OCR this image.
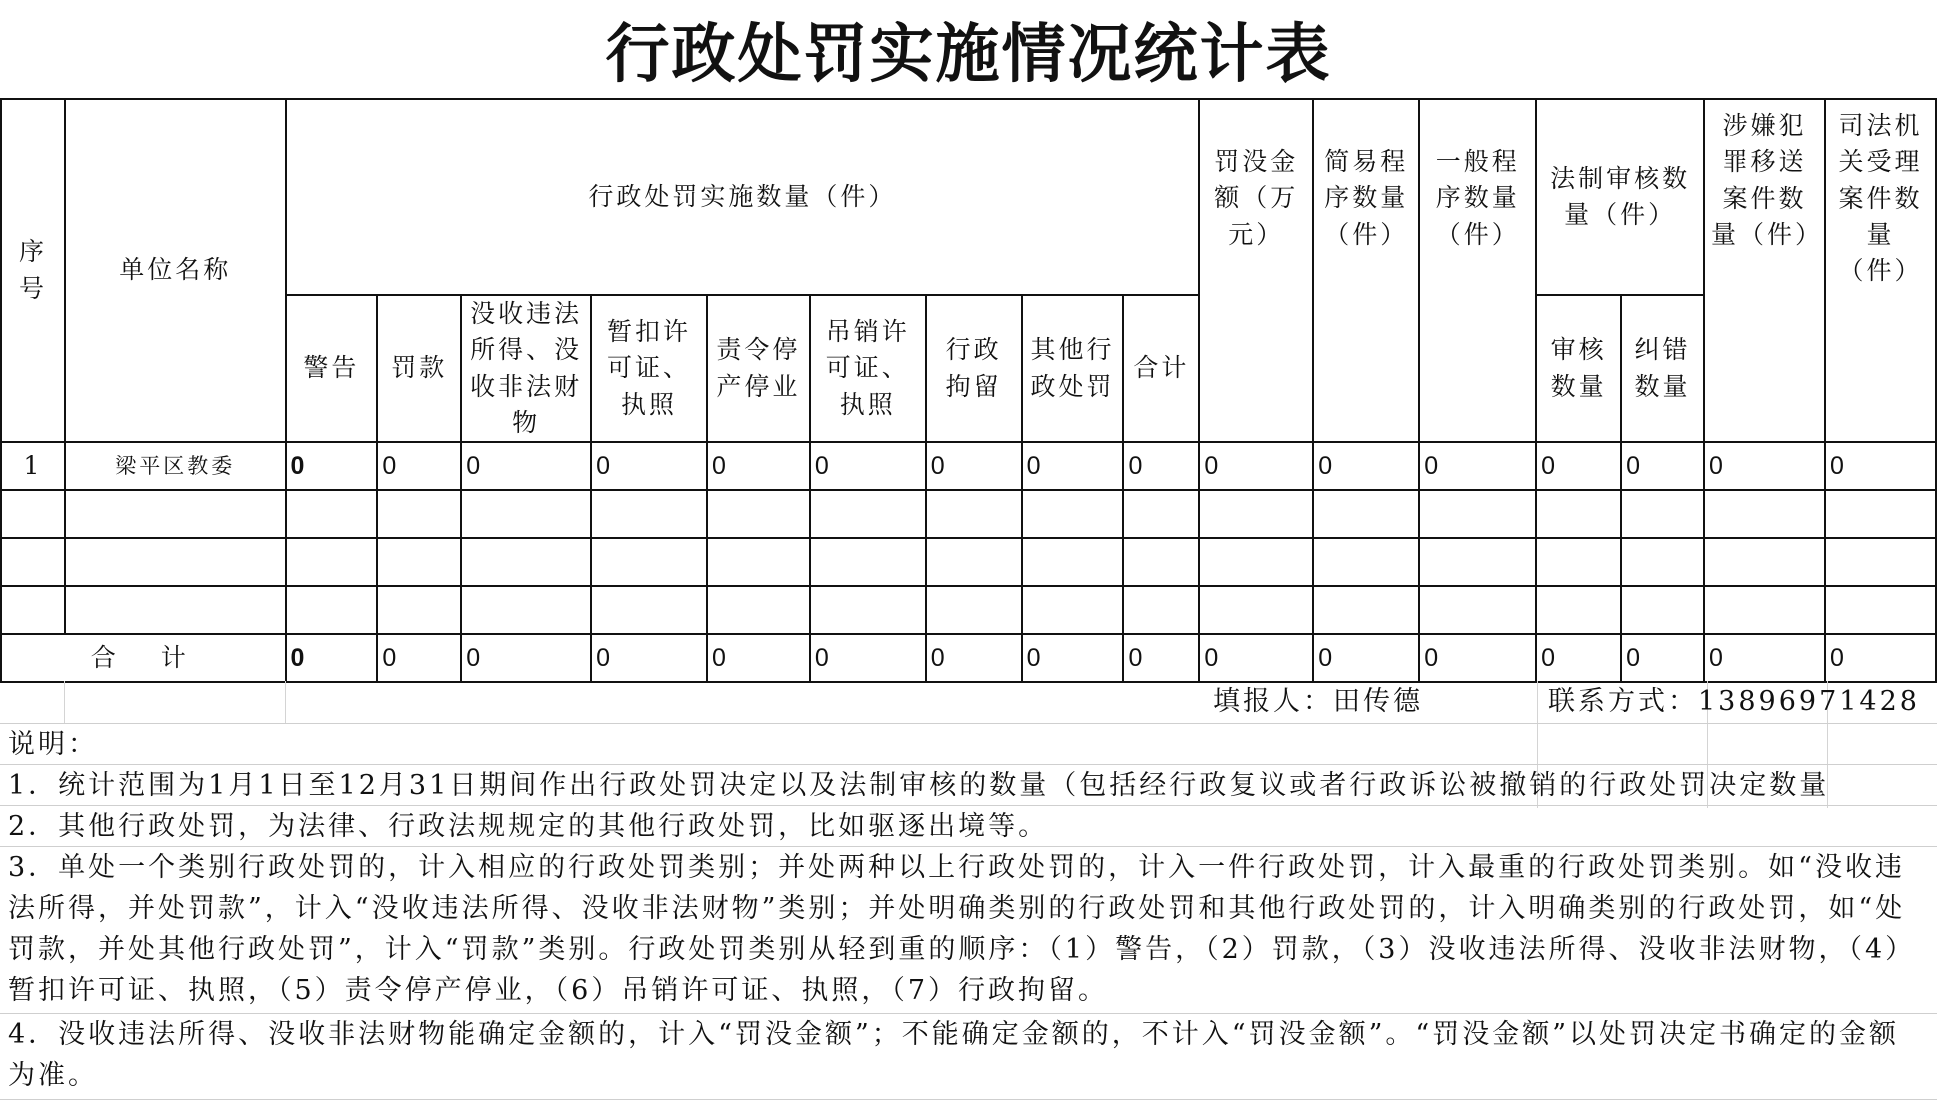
行政处罚实施情况统计表
序号	单位名称	行政处罚实施数量（件）									罚没金额（万元）	简易程序数量（件）	一般程序数量（件）	法制审核数量（件）		涉嫌犯罪移送案件数量（件）	司法机关受理案件数量（件）
		警告	罚款	没收违法所得、没收非法财物	暂扣许可证、执照	责令停产停业	吊销许可证、执照	行政拘留	其他行政处罚	合计				审核数量	纠错数量		
1	梁平区教委	0	0	0	0	0	0	0	0	0	0	0	0	0	0	0	0

合　计		0	0	0	0	0	0	0	0	0	0	0	0	0	0	0	0
填报人：田传德	联系方式：13896971428
说明：
1．统计范围为1月1日至12月31日期间作出行政处罚决定以及法制审核的数量（包括经行政复议或者行政诉讼被撤销的行政处罚决定数量
2．其他行政处罚，为法律、行政法规规定的其他行政处罚，比如驱逐出境等。
3．单处一个类别行政处罚的，计入相应的行政处罚类别；并处两种以上行政处罚的，计入一件行政处罚，计入最重的行政处罚类别。如“没收违法所得，并处罚款”，计入“没收违法所得、没收非法财物”类别；并处明确类别的行政处罚和其他行政处罚的，计入明确类别的行政处罚，如“处罚款，并处其他行政处罚”，计入“罚款”类别。行政处罚类别从轻到重的顺序：（1）警告，（2）罚款，（3）没收违法所得、没收非法财物，（4）暂扣许可证、执照，（5）责令停产停业，（6）吊销许可证、执照，（7）行政拘留。
4．没收违法所得、没收非法财物能确定金额的，计入“罚没金额”；不能确定金额的，不计入“罚没金额”。“罚没金额”以处罚决定书确定的金额为准。
